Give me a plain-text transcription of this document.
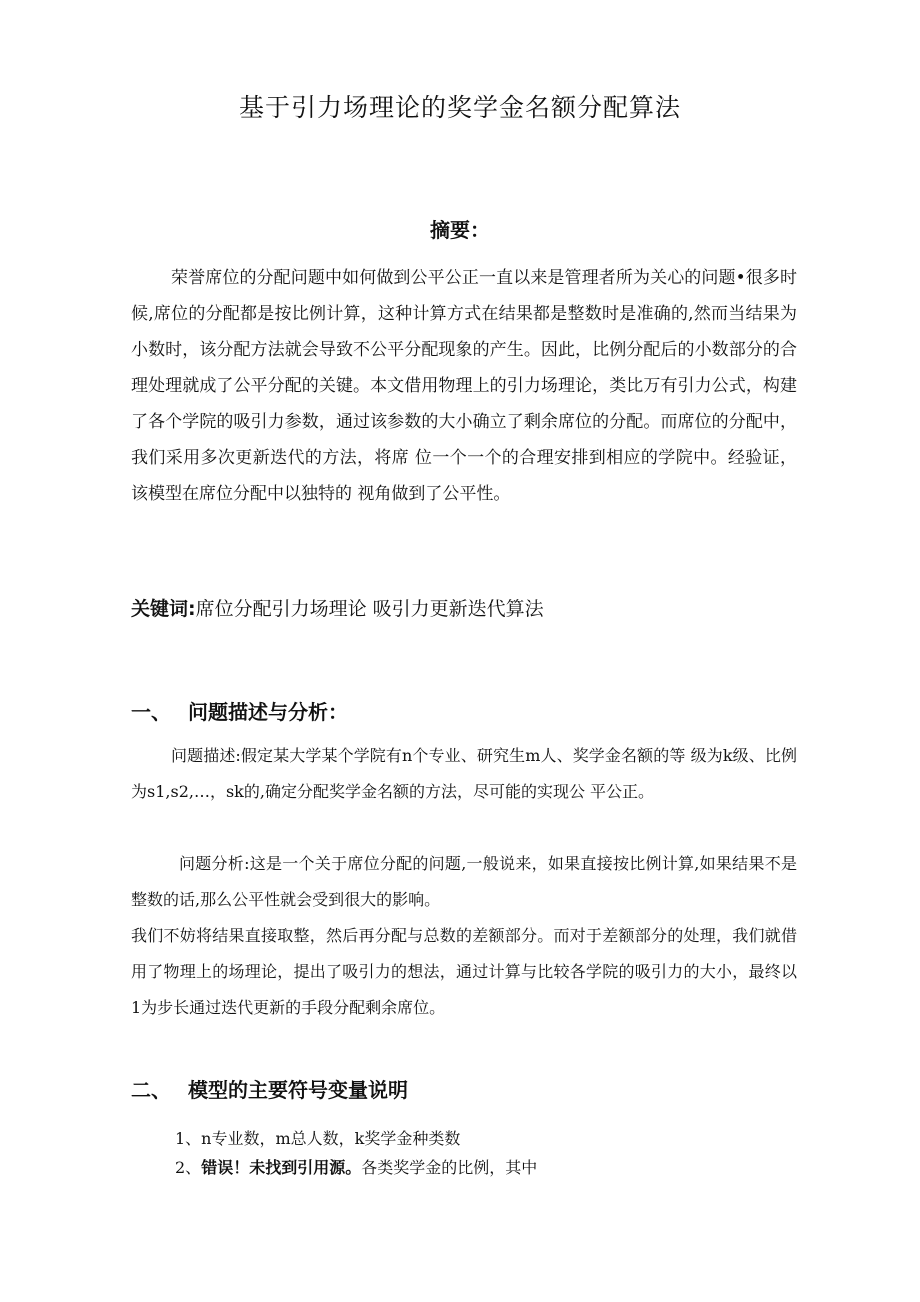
基于引力场理论的奖学金名额分配算法
摘要：

荣誉席位的分配问题中如何做到公平公正一直以来是管理者所为关心的问题•很多时候,席位的分配都是按比例计算，这种计算方式在结果都是整数时是准确的,然而当结果为小数时，该分配方法就会导致不公平分配现象的产生。因此，比例分配后的小数部分的合理处理就成了公平分配的关键。本文借用物理上的引力场理论，类比万有引力公式，构建了各个学院的吸引力参数，通过该参数的大小确立了剩余席位的分配。而席位的分配中，我们采用多次更新迭代的方法，将席 位一个一个的合理安排到相应的学院中。经验证，该模型在席位分配中以独特的 视角做到了公平性。

关键词:席位分配引力场理论 吸引力更新迭代算法

一、 问题描述与分析：

问题描述:假定某大学某个学院有n个专业、研究生m人、奖学金名额的等 级为k级、比例为s1,s2,…，sk的,确定分配奖学金名额的方法，尽可能的实现公 平公正。

问题分析:这是一个关于席位分配的问题,一般说来，如果直接按比例计算,如果结果不是整数的话,那么公平性就会受到很大的影响。

我们不妨将结果直接取整，然后再分配与总数的差额部分。而对于差额部分的处理，我们就借用了物理上的场理论，提出了吸引力的想法，通过计算与比较各学院的吸引力的大小，最终以1为步长通过迭代更新的手段分配剩余席位。

二、 模型的主要符号变量说明

1、n专业数，m总人数，k奖学金种类数

2、错误！未找到引用源。各类奖学金的比例，其中
